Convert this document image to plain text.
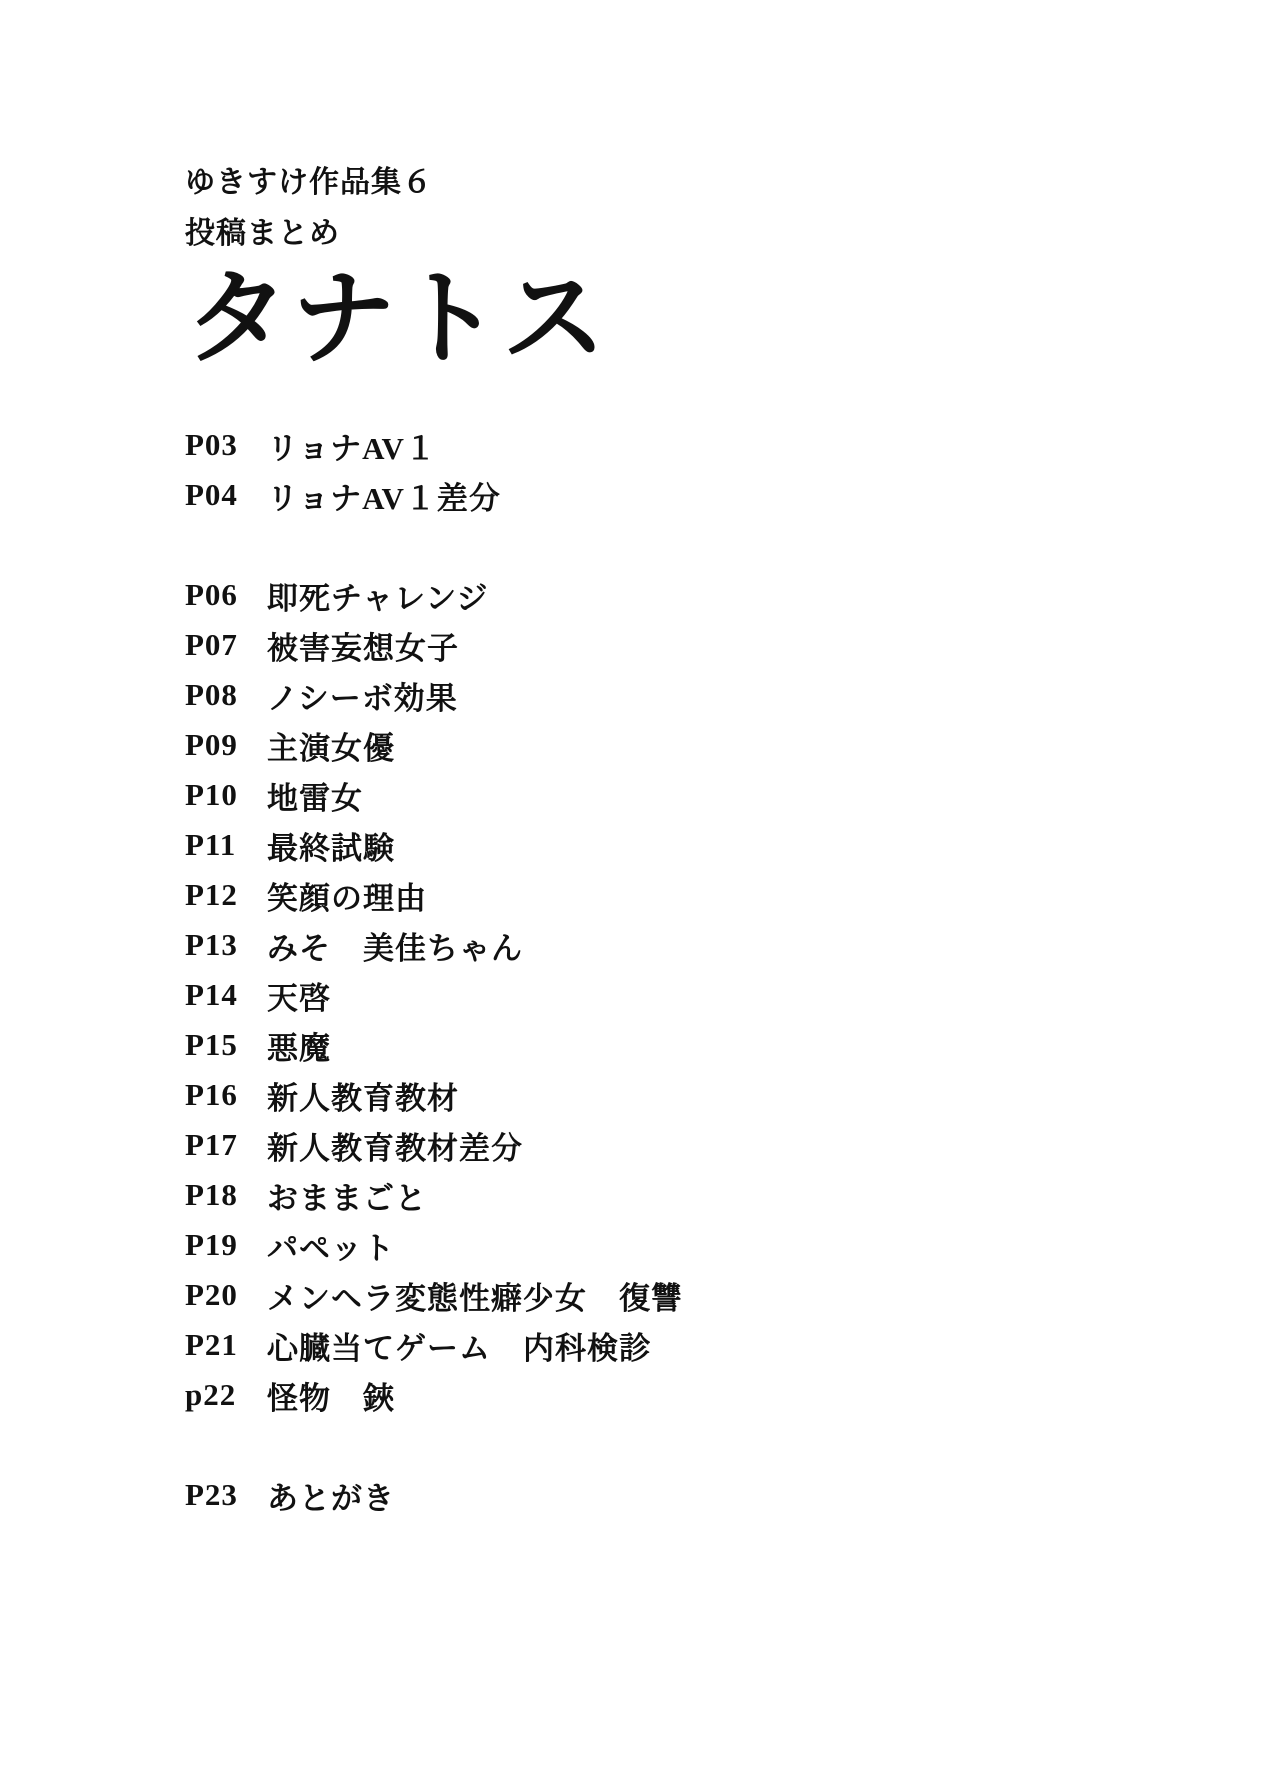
ゆきすけ作品集６
投稿まとめ
タナトス
P03 リョナAV１
P04 リョナAV１差分
P06 即死チャレンジ
P07 被害妄想女子
P08 ノシーボ効果
P09 主演女優
P10 地雷女
P11 最終試験
P12 笑顔の理由
P13 みそ　美佳ちゃん
P14 天啓
P15 悪魔
P16 新人教育教材
P17 新人教育教材差分
P18 おままごと
P19 パペット
P20 メンヘラ変態性癖少女　復讐
P21 心臓当てゲーム　内科検診
p22 怪物　鋏
P23 あとがき
